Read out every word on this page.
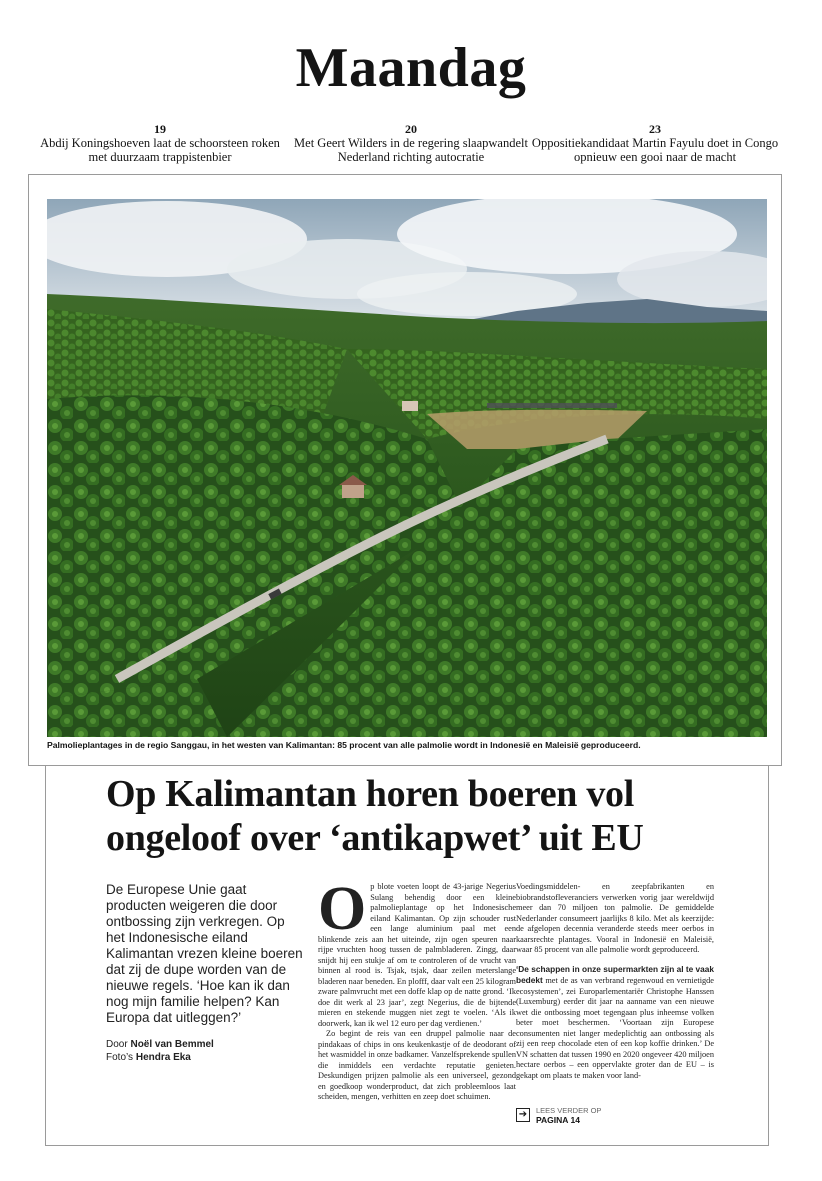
Maandag
19
Abdij Koningshoeven laat de schoorsteen roken met duurzaam trappistenbier
20
Met Geert Wilders in de regering slaapwandelt Nederland richting autocratie
23
Oppositiekandidaat Martin Fayulu doet in Congo opnieuw een gooi naar de macht
Palmolieplantages in de regio Sanggau, in het westen van Kalimantan: 85 procent van alle palmolie wordt in Indonesië en Maleisië geproduceerd.
Op Kalimantan horen boeren vol ongeloof over ‘antikapwet’ uit EU
De Europese Unie gaat producten weigeren die door ontbossing zijn verkregen. Op het Indonesische eiland Kalimantan vrezen kleine boeren dat zij de dupe worden van de nieuwe regels. ‘Hoe kan ik dan nog mijn familie helpen? Kan Europa dat uitleggen?’
Door Noël van Bemmel
Foto’s Hendra Eka

O p blote voeten loopt de 43-jarige Negerius Sulang behendig door een kleine palmolieplantage op het Indonesische eiland Kalimantan. Op zijn schouder rust een lange aluminium paal met een blinkende zeis aan het uiteinde, zijn ogen speuren naar rijpe vruchten hoog tussen de palmbladeren. Zingg, daar snijdt hij een stukje af om te controleren of de vrucht van binnen al rood is. Tsjak, tsjak, daar zeilen meterslange bladeren naar beneden. En plofff, daar valt een 25 kilogram zware palmvrucht met een doffe klap op de natte grond. ‘Ik doe dit werk al 23 jaar’, zegt Negerius, die de bijtende mieren en stekende muggen niet zegt te voelen. ‘Als ik doorwerk, kan ik wel 12 euro per dag verdienen.’

Zo begint de reis van een druppel palmolie naar de pindakaas of chips in ons keukenkastje of de deodorant of het wasmiddel in onze badkamer. Vanzelfsprekende spullen die inmiddels een verdachte reputatie genieten. Deskundigen prijzen palmolie als een universeel, gezond en goedkoop wonderproduct, dat zich probleemloos laat scheiden, mengen, verhitten en zeep doet schuimen.

Voedingsmiddelen- en zeepfabrikanten en biobrandstofleveranciers verwerken vorig jaar wereldwijd meer dan 70 miljoen ton palmolie. De gemiddelde Nederlander consumeert jaarlijks 8 kilo. Met als keerzijde: de afgelopen decennia veranderde steeds meer oerbos in kaarsrechte plantages. Vooral in Indonesië en Maleisië, waar 85 procent van alle palmolie wordt geproduceerd.

‘De schappen in onze supermarkten zijn al te vaak bedekt met de as van verbrand regenwoud en vernietigde ecosystemen’, zei Europarlementariër Christophe Hanssen (Luxemburg) eerder dit jaar na aanname van een nieuwe wet die ontbossing moet tegengaan plus inheemse volken beter moet beschermen. ‘Voortaan zijn Europese consumenten niet langer medeplichtig aan ontbossing als zij een reep chocolade eten of een kop koffie drinken.’ De VN schatten dat tussen 1990 en 2020 ongeveer 420 miljoen hectare oerbos – een oppervlakte groter dan de EU – is gekapt om plaats te maken voor land-

➔	LEES VERDER OP
PAGINA 14
